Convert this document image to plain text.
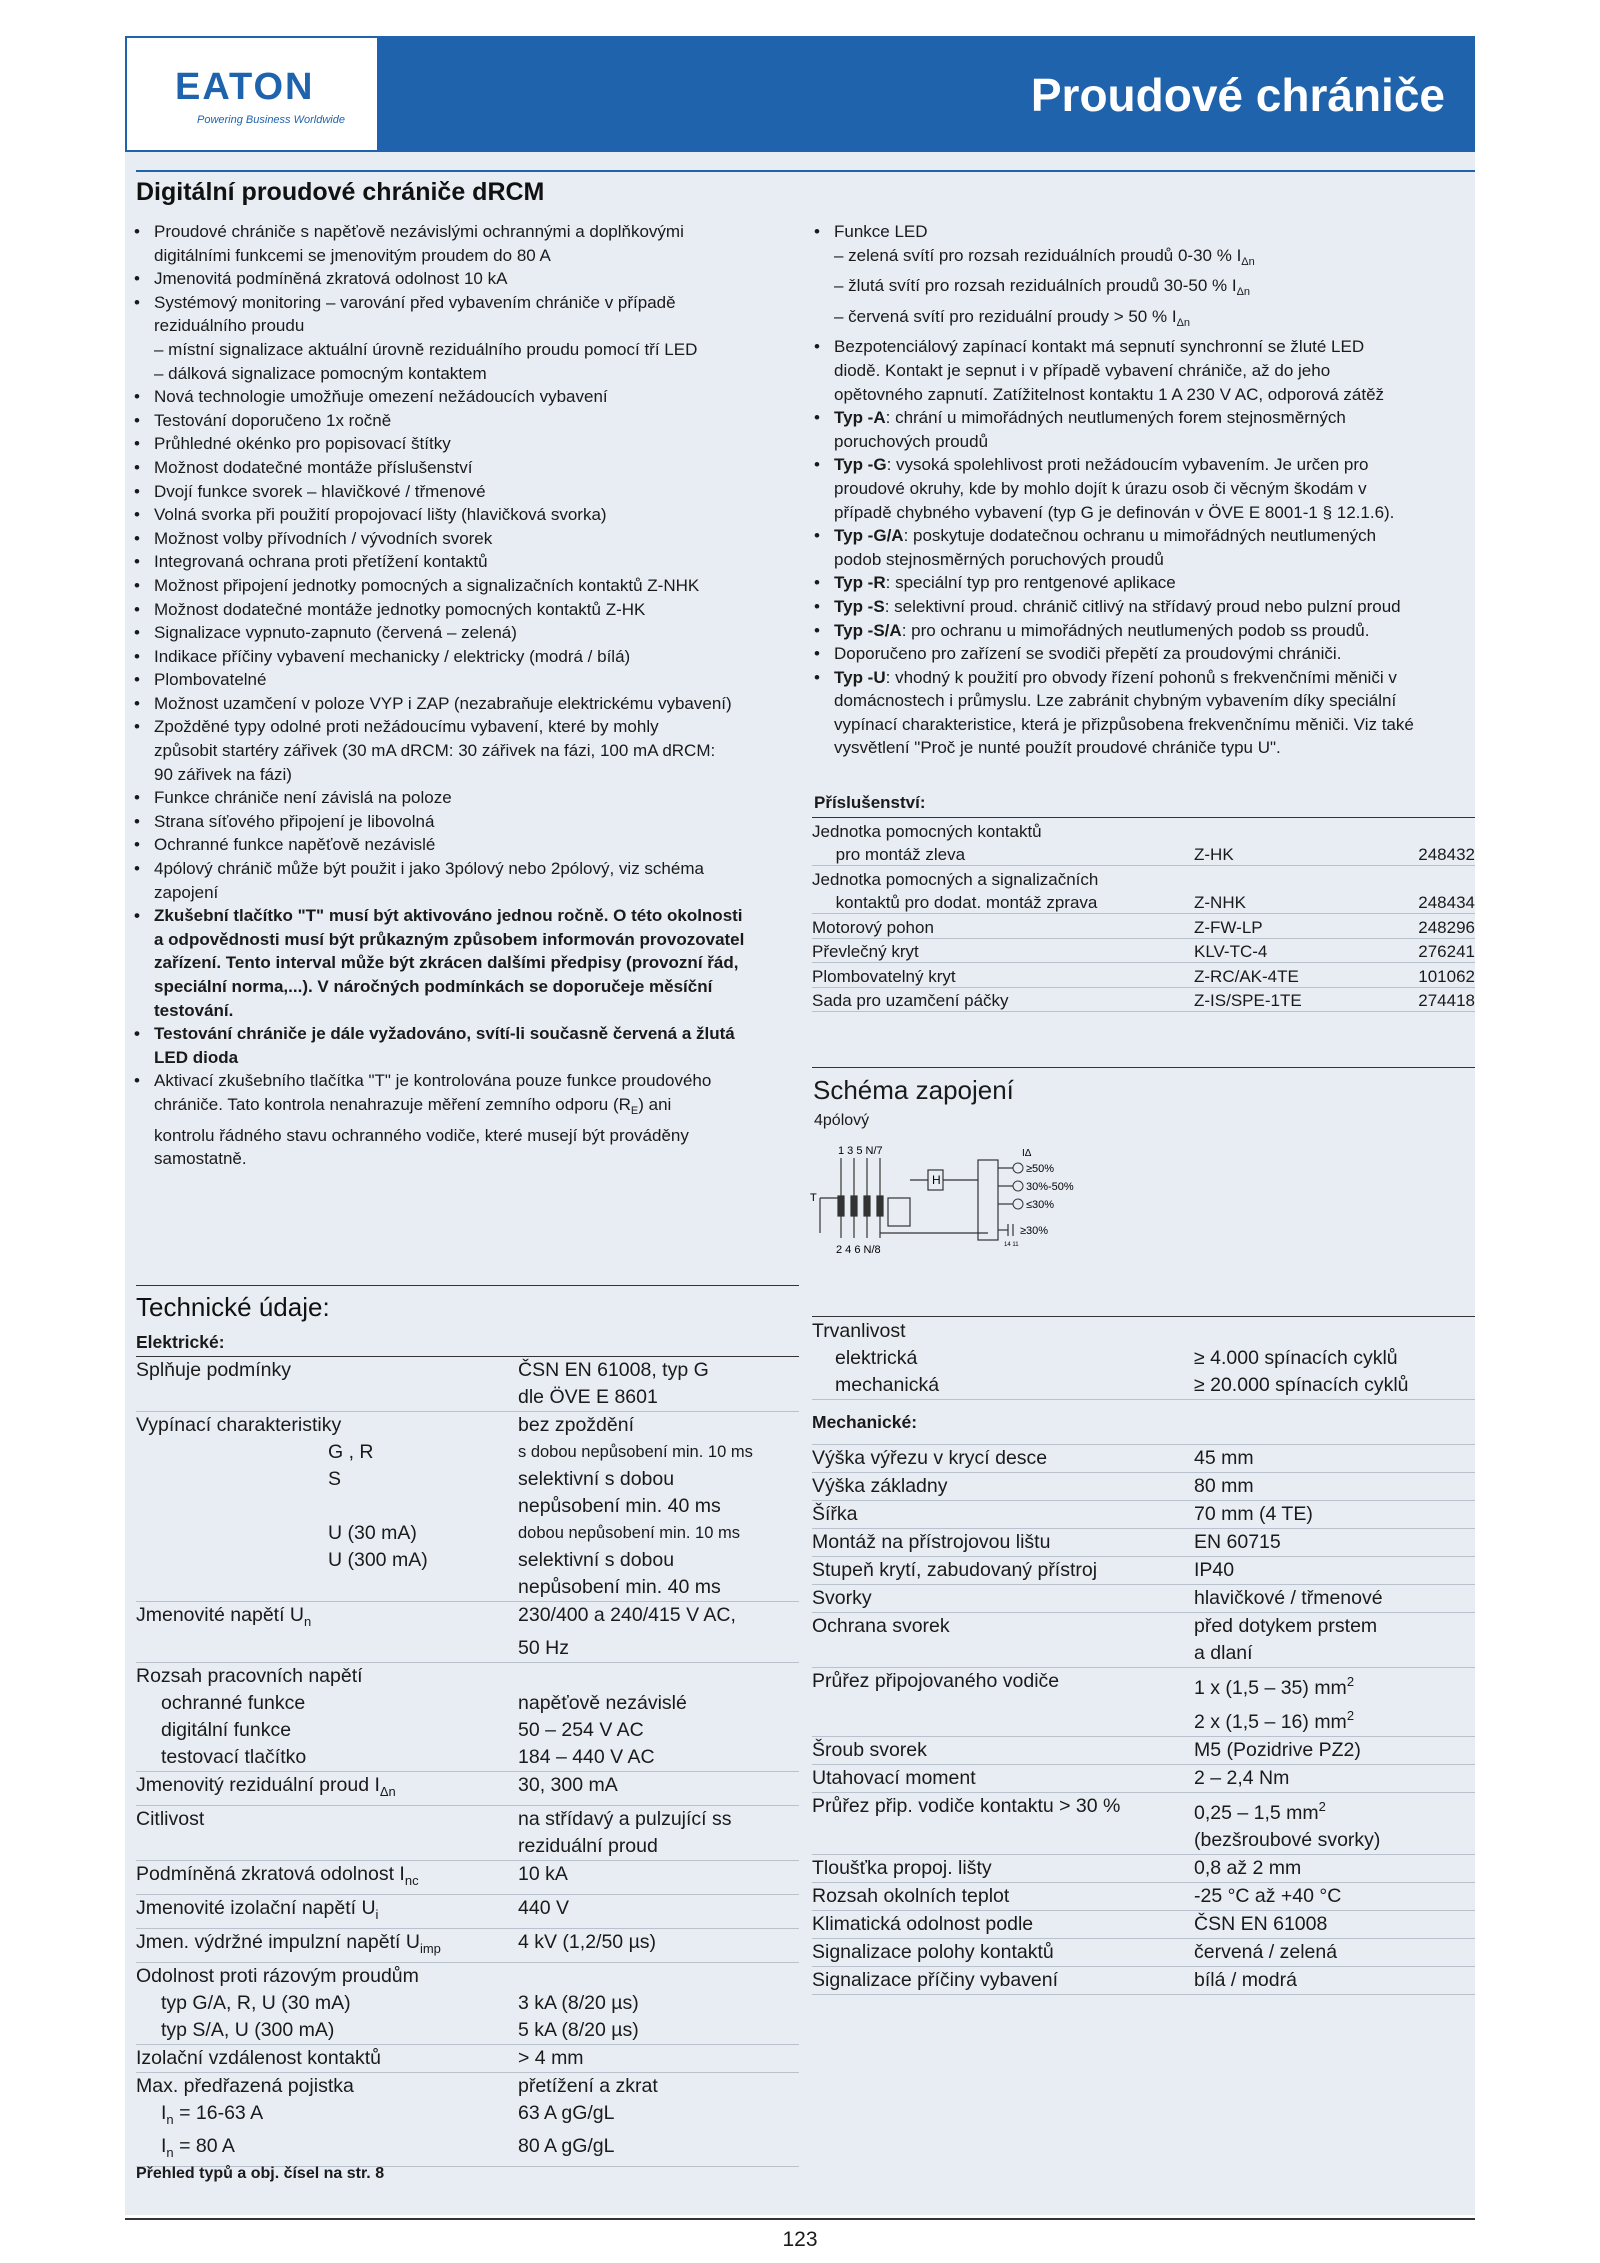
EATON
Powering Business Worldwide	Proudové chrániče
Digitální proudové chrániče dRCM
• Proudové chrániče s napěťově nezávislými ochrannými a doplňkovými
digitálními funkcemi se jmenovitým proudem do 80 A
• Jmenovitá podmíněná zkratová odolnost 10 kA
• Systémový monitoring – varování před vybavením chrániče v případě
reziduálního proudu
– místní signalizace aktuální úrovně reziduálního proudu pomocí tří LED
– dálková signalizace pomocným kontaktem
• Nová technologie umožňuje omezení nežádoucích vybavení
• Testování doporučeno 1x ročně
• Průhledné okénko pro popisovací štítky
• Možnost dodatečné montáže příslušenství
• Dvojí funkce svorek – hlavičkové / třmenové
• Volná svorka při použití propojovací lišty (hlavičková svorka)
• Možnost volby přívodních / vývodních svorek
• Integrovaná ochrana proti přetížení kontaktů
• Možnost připojení jednotky pomocných a signalizačních kontaktů Z-NHK
• Možnost dodatečné montáže jednotky pomocných kontaktů Z-HK
• Signalizace vypnuto-zapnuto (červená – zelená)
• Indikace příčiny vybavení mechanicky / elektricky (modrá / bílá)
• Plombovatelné
• Možnost uzamčení v poloze VYP i ZAP (nezabraňuje elektrickému vybavení)
• Zpožděné typy odolné proti nežádoucímu vybavení, které by mohly
způsobit startéry zářivek (30 mA dRCM: 30 zářivek na fázi, 100 mA dRCM:
90 zářivek na fázi)
• Funkce chrániče není závislá na poloze
• Strana síťového připojení je libovolná
• Ochranné funkce napěťově nezávislé
• 4pólový chránič může být použit i jako 3pólový nebo 2pólový, viz schéma
zapojení
• Zkušební tlačítko "T" musí být aktivováno jednou ročně. O této okolnosti
a odpovědnosti musí být průkazným způsobem informován provozovatel
zařízení. Tento interval může být zkrácen dalšími předpisy (provozní řád,
speciální norma,...). V náročných podmínkách se doporučeje měsíční
testování.
• Testování chrániče je dále vyžadováno, svítí-li současně červená a žlutá
LED dioda
• Aktivací zkušebního tlačítka "T" je kontrolována pouze funkce proudového
chrániče. Tato kontrola nenahrazuje měření zemního odporu $(R_E)$ ani
kontrolu řádného stavu ochranného vodiče, které musejí být prováděny
samostatně.
• Funkce LED
– zelená svítí pro rozsah reziduálních proudů 0-30 % $I_{\Delta n}$
– žlutá svítí pro rozsah reziduálních proudů 30-50 % $I_{\Delta n}$
– červená svítí pro reziduální proudy > 50 % $I_{\Delta n}$
• Bezpotenciálový zapínací kontakt má sepnutí synchronní se žluté LED
diodě. Kontakt je sepnut i v případě vybavení chrániče, až do jeho
opětovného zapnutí. Zatížitelnost kontaktu 1 A 230 V AC, odporová zátěž
• Typ -A: chrání u mimořádných neutlumených forem stejnosměrných
poruchových proudů
• Typ -G: vysoká spolehlivost proti nežádoucím vybavením. Je určen pro
proudové okruhy, kde by mohlo dojít k úrazu osob či věcným škodám v
případě chybného vybavení (typ G je definován v ÖVE E 8001-1 § 12.1.6).
• Typ -G/A: poskytuje dodatečnou ochranu u mimořádných neutlumených
podob stejnosměrných poruchových proudů
• Typ -R: speciální typ pro rentgenové aplikace
• Typ -S: selektivní proud. chránič citlivý na střídavý proud nebo pulzní proud
• Typ -S/A: pro ochranu u mimořádných neutlumených podob ss proudů.
• Doporučeno pro zařízení se svodiči přepětí za proudovými chrániči.
• Typ -U: vhodný k použití pro obvody řízení pohonů s frekvenčními měniči v
domácnostech i průmyslu. Lze zabránit chybným vybavením díky speciální
vypínací charakteristice, která je přizpůsobena frekvenčnímu měniči. Viz také
vysvětlení "Proč je nunté použít proudové chrániče typu U".
Příslušenství:
Jednotka pomocných kontaktů		
pro montáž zleva	Z-HK	248432
Jednotka pomocných a signalizačních		
kontaktů pro dodat. montáž zprava	Z-NHK	248434
Motorový pohon	Z-FW-LP	248296
Převlečný kryt	KLV-TC-4	276241
Plombovatelný kryt	Z-RC/AK-4TE	101062
Sada pro uzamčení páčky	Z-IS/SPE-1TE	274418
Schéma zapojení
4pólový
1 3 5 N/7
2 4 6 N/8
H
T
IΔ
≥50%
30%-50%
≤30%
≥30%
14 11
Technické údaje:
Elektrické:
Splňuje podmínky	ČSN EN 61008, typ G
	dle ÖVE E 8601
Vypínací charakteristiky	bez zpoždění
G , R	s dobou nepůsobení min. 10 ms
S	selektivní s dobou
	nepůsobení min. 40 ms
U (30 mA)	dobou nepůsobení min. 10 ms
U (300 mA)	selektivní s dobou
	nepůsobení min. 40 ms
Jmenovité napětí $U_n$	230/400 a 240/415 V AC,
	50 Hz
Rozsah pracovních napětí	
ochranné funkce	napěťově nezávislé
digitální funkce	50 – 254 V AC
testovací tlačítko	184 – 440 V AC
Jmenovitý reziduální proud $I_{\Delta n}$	30, 300 mA
Citlivost	na střídavý a pulzující ss
	reziduální proud
Podmíněná zkratová odolnost $I_{nc}$	10 kA
Jmenovité izolační napětí $U_i$	440 V
Jmen. výdržné impulzní napětí $U_{imp}$	4 kV (1,2/50 µs)
Odolnost proti rázovým proudům	
typ G/A, R, U (30 mA)	3 kA (8/20 µs)
typ S/A, U (300 mA)	5 kA (8/20 µs)
Izolační vzdálenost kontaktů	> 4 mm
Max. předřazená pojistka	přetížení a zkrat
$I_n = 16-63$ A	63 A gG/gL
$I_n = 80$ A	80 A gG/gL
Trvanlivost	
elektrická	≥ 4.000 spínacích cyklů
mechanická	≥ 20.000 spínacích cyklů
Mechanické:	
Výška výřezu v krycí desce	45 mm
Výška základny	80 mm
Šířka	70 mm (4 TE)
Montáž na přístrojovou lištu	EN 60715
Stupeň krytí, zabudovaný přístroj	IP40
Svorky	hlavičkové / třmenové
Ochrana svorek	před dotykem prstem
	a dlaní
Průřez připojovaného vodiče	1 x (1,5 – 35) $mm^2$
	2 x (1,5 – 16) $mm^2$
Šroub svorek	M5 (Pozidrive PZ2)
Utahovací moment	2 – 2,4 Nm
Průřez přip. vodiče kontaktu > 30 %	0,25 – 1,5 $mm^2$
	(bezšroubové svorky)
Tloušťka propoj. lišty	0,8 až 2 mm
Rozsah okolních teplot	-25 °C až +40 °C
Klimatická odolnost podle	ČSN EN 61008
Signalizace polohy kontaktů	červená / zelená
Signalizace příčiny vybavení	bílá / modrá
Přehled typů a obj. čísel na str. 8
123
